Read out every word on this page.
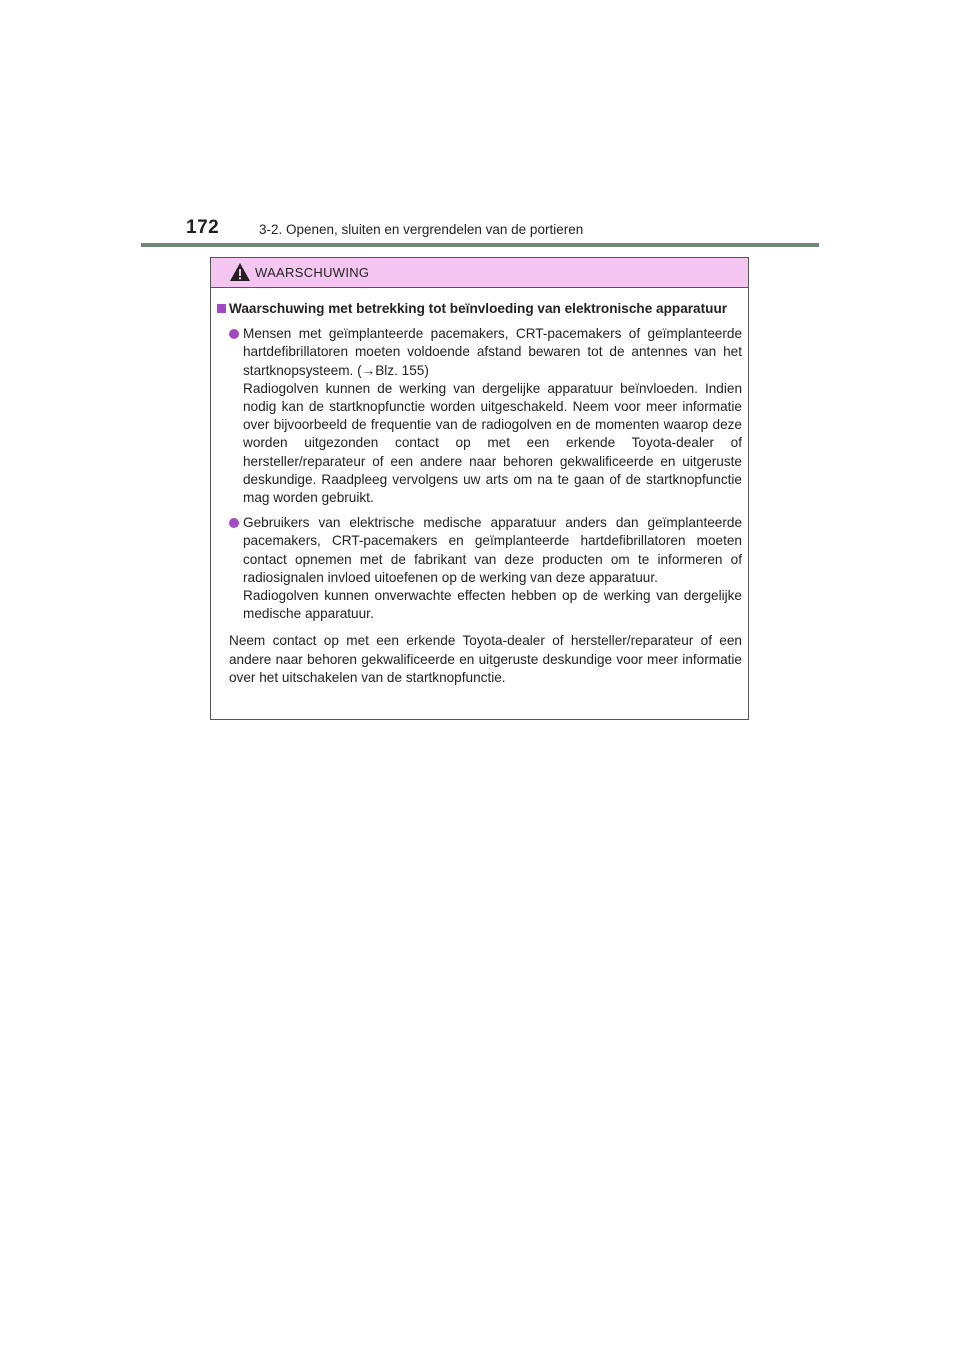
172	3-2. Openen, sluiten en vergrendelen van de portieren
WAARSCHUWING
Waarschuwing met betrekking tot beïnvloeding van elektronische apparatuur
Mensen met geïmplanteerde pacemakers, CRT-pacemakers of geïmplanteerde hartdefibrillatoren moeten voldoende afstand bewaren tot de antennes van het startknopsysteem. (→Blz. 155)
Radiogolven kunnen de werking van dergelijke apparatuur beïnvloeden. Indien nodig kan de startknopfunctie worden uitgeschakeld. Neem voor meer informatie over bijvoorbeeld de frequentie van de radiogolven en de momenten waarop deze worden uitgezonden contact op met een erkende Toyota-dealer of hersteller/reparateur of een andere naar behoren gekwalificeerde en uitgeruste deskundige. Raadpleeg vervolgens uw arts om na te gaan of de startknopfunctie mag worden gebruikt.
Gebruikers van elektrische medische apparatuur anders dan geïmplanteerde pacemakers, CRT-pacemakers en geïmplanteerde hartdefibrillatoren moeten contact opnemen met de fabrikant van deze producten om te informeren of radiosignalen invloed uitoefenen op de werking van deze apparatuur.
Radiogolven kunnen onverwachte effecten hebben op de werking van dergelijke medische apparatuur.
Neem contact op met een erkende Toyota-dealer of hersteller/reparateur of een andere naar behoren gekwalificeerde en uitgeruste deskundige voor meer informatie over het uitschakelen van de startknopfunctie.
